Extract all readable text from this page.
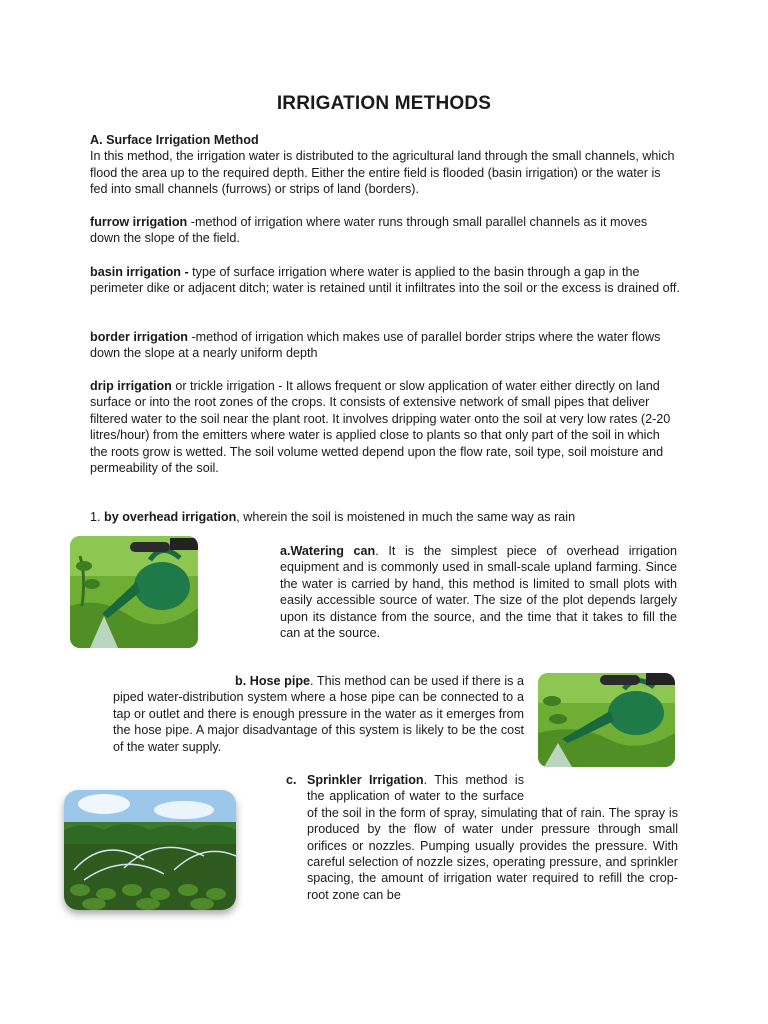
IRRIGATION METHODS

A. Surface Irrigation Method
In this method, the irrigation water is distributed to the agricultural land through the small channels, which flood the area up to the required depth. Either the entire field is flooded (basin irrigation) or the water is fed into small channels (furrows) or strips of land (borders).

furrow irrigation -method of irrigation where water runs through small parallel channels as it moves down the slope of the field.

basin irrigation - type of surface irrigation where water is applied to the basin through a gap in the perimeter dike or adjacent ditch; water is retained until it infiltrates into the soil or the excess is drained off.

border irrigation -method of irrigation which makes use of parallel border strips where the water flows down the slope at a nearly uniform depth

drip irrigation or trickle irrigation - It allows frequent or slow application of water either directly on land surface or into the root zones of the crops. It consists of extensive network of small pipes that deliver filtered water to the soil near the plant root. It involves dripping water onto the soil at very low rates (2-20 litres/hour) from the emitters where water is applied close to plants so that only part of the soil in which the roots grow is wetted. The soil volume wetted depend upon the flow rate, soil type, soil moisture and permeability of the soil.

1. by overhead irrigation, wherein the soil is moistened in much the same way as rain

a.Watering can. It is the simplest piece of overhead irrigation equipment and is commonly used in small-scale upland farming. Since the water is carried by hand, this method is limited to small plots with easily accessible source of water. The size of the plot depends largely upon its distance from the source, and the time that it takes to fill the can at the source.

b. Hose pipe. This method can be used if there is a piped water-distribution system where a hose pipe can be connected to a tap or outlet and there is enough pressure in the water as it emerges from the hose pipe. A major disadvantage of this system is likely to be the cost of the water supply.

c. Sprinkler Irrigation. This method is the application of water to the surface of the soil in the form of spray, simulating that of rain. The spray is produced by the flow of water under pressure through small orifices or nozzles. Pumping usually provides the pressure. With careful selection of nozzle sizes, operating pressure, and sprinkler spacing, the amount of irrigation water required to refill the crop-root zone can be
